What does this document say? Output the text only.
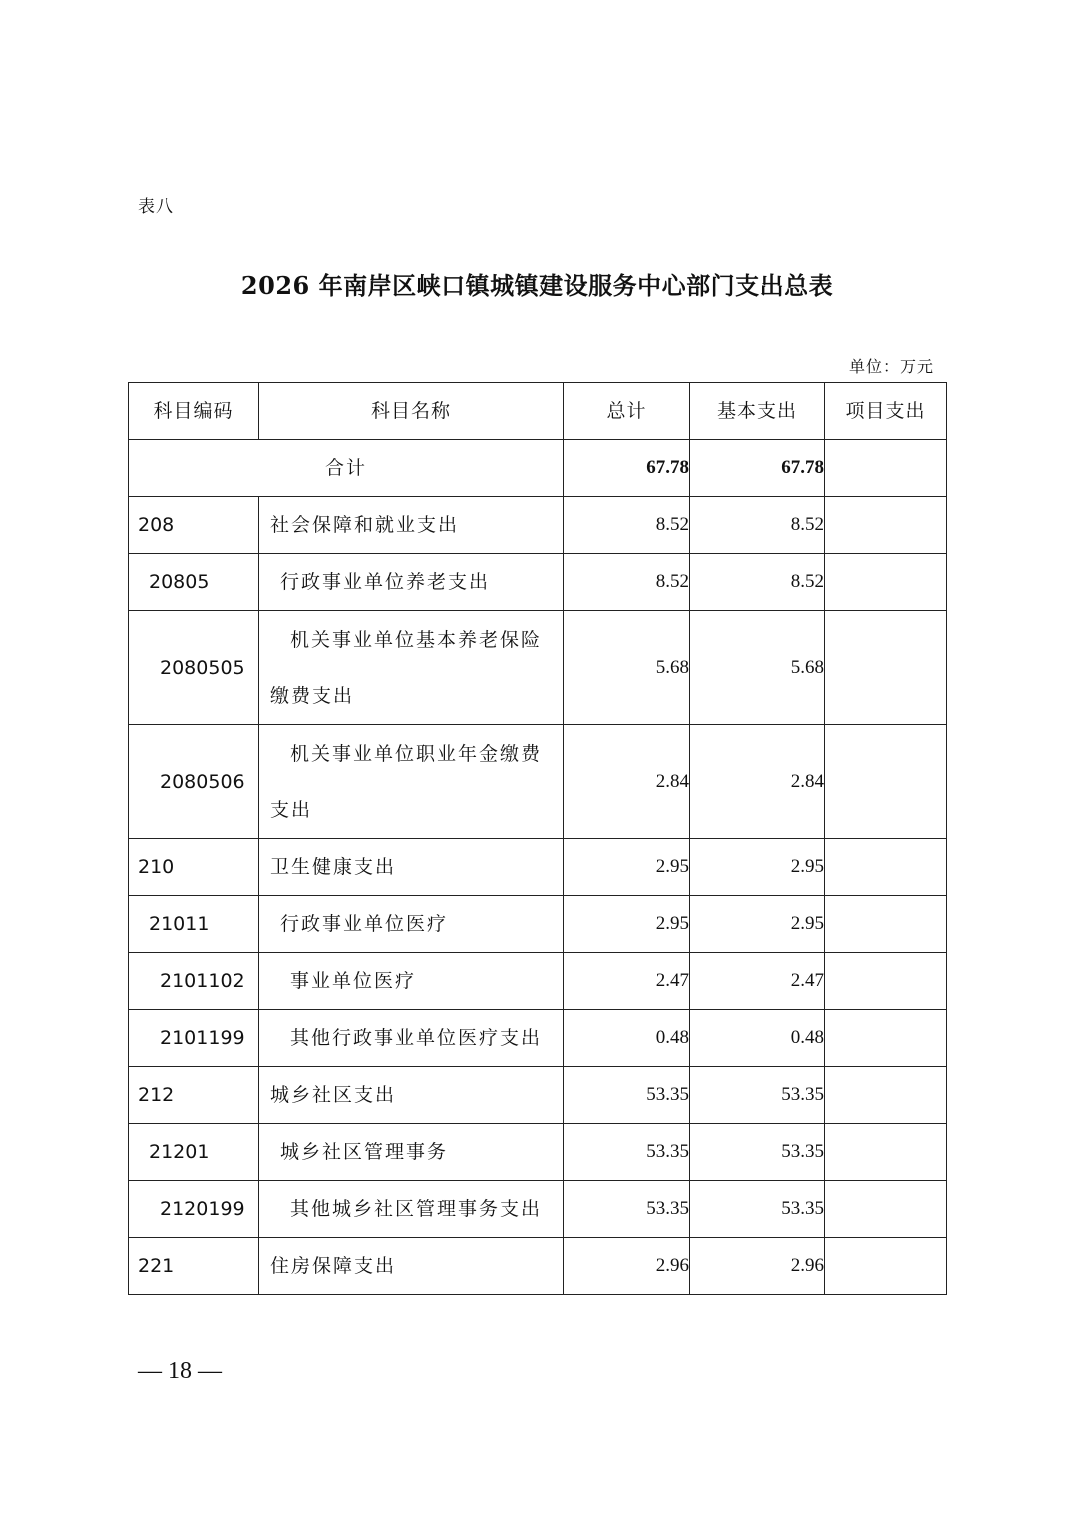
表八
2026 年南岸区峡口镇城镇建设服务中心部门支出总表
单位：万元
科目编码	科目名称	总计	基本支出	项目支出
合计		67.78	67.78	
208	社会保障和就业支出	8.52	8.52	
20805	行政事业单位养老支出	8.52	8.52	
2080505	机关事业单位基本养老保险缴费支出	5.68	5.68	
2080506	机关事业单位职业年金缴费支出	2.84	2.84	
210	卫生健康支出	2.95	2.95	
21011	行政事业单位医疗	2.95	2.95	
2101102	事业单位医疗	2.47	2.47	
2101199	其他行政事业单位医疗支出	0.48	0.48	
212	城乡社区支出	53.35	53.35	
21201	城乡社区管理事务	53.35	53.35	
2120199	其他城乡社区管理事务支出	53.35	53.35	
221	住房保障支出	2.96	2.96	
— 18 —
